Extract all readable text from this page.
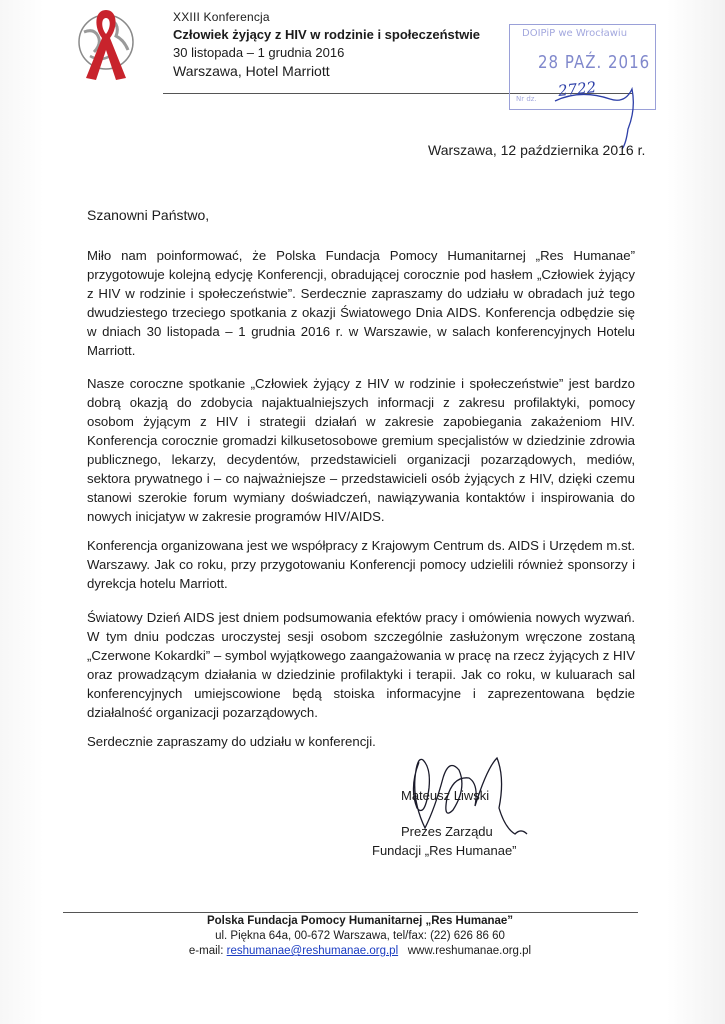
XXIII Konferencja
Człowiek żyjący z HIV w rodzinie i społeczeństwie
30 listopada – 1 grudnia 2016
Warszawa, Hotel Marriott
DOIPiP we Wrocławiu
28 PAŹ. 2016
Nr dz. 2722
Warszawa, 12 października 2016 r.
Szanowni Państwo,
Miło nam poinformować, że Polska Fundacja Pomocy Humanitarnej „Res Humanae” przygotowuje kolejną edycję Konferencji, obradującej corocznie pod hasłem „Człowiek żyjący z HIV w rodzinie i społeczeństwie”. Serdecznie zapraszamy do udziału w obradach już tego dwudziestego trzeciego spotkania z okazji Światowego Dnia AIDS. Konferencja odbędzie się w dniach 30 listopada – 1 grudnia 2016 r. w Warszawie, w salach konferencyjnych Hotelu Marriott.
Nasze coroczne spotkanie „Człowiek żyjący z HIV w rodzinie i społeczeństwie” jest bardzo dobrą okazją do zdobycia najaktualniejszych informacji z zakresu profilaktyki, pomocy osobom żyjącym z HIV i strategii działań w zakresie zapobiegania zakażeniom HIV. Konferencja corocznie gromadzi kilkusetosobowe gremium specjalistów w dziedzinie zdrowia publicznego, lekarzy, decydentów, przedstawicieli organizacji pozarządowych, mediów, sektora prywatnego i – co najważniejsze – przedstawicieli osób żyjących z HIV, dzięki czemu stanowi szerokie forum wymiany doświadczeń, nawiązywania kontaktów i inspirowania do nowych inicjatyw w zakresie programów HIV/AIDS.
Konferencja organizowana jest we współpracy z Krajowym Centrum ds. AIDS i Urzędem m.st. Warszawy. Jak co roku, przy przygotowaniu Konferencji pomocy udzielili również sponsorzy i dyrekcja hotelu Marriott.
Światowy Dzień AIDS jest dniem podsumowania efektów pracy i omówienia nowych wyzwań. W tym dniu podczas uroczystej sesji osobom szczególnie zasłużonym wręczone zostaną „Czerwone Kokardki” – symbol wyjątkowego zaangażowania w pracę na rzecz żyjących z HIV oraz prowadzącym działania w dziedzinie profilaktyki i terapii. Jak co roku, w kuluarach sal konferencyjnych umiejscowione będą stoiska informacyjne i zaprezentowana będzie działalność organizacji pozarządowych.
Serdecznie zapraszamy do udziału w konferencji.
Mateusz Liwski
Prezes Zarządu
Fundacji „Res Humanae”
Polska Fundacja Pomocy Humanitarnej „Res Humanae”
ul. Piękna 64a, 00-672 Warszawa, tel/fax: (22) 626 86 60
e-mail: reshumanae@reshumanae.org.pl www.reshumanae.org.pl
